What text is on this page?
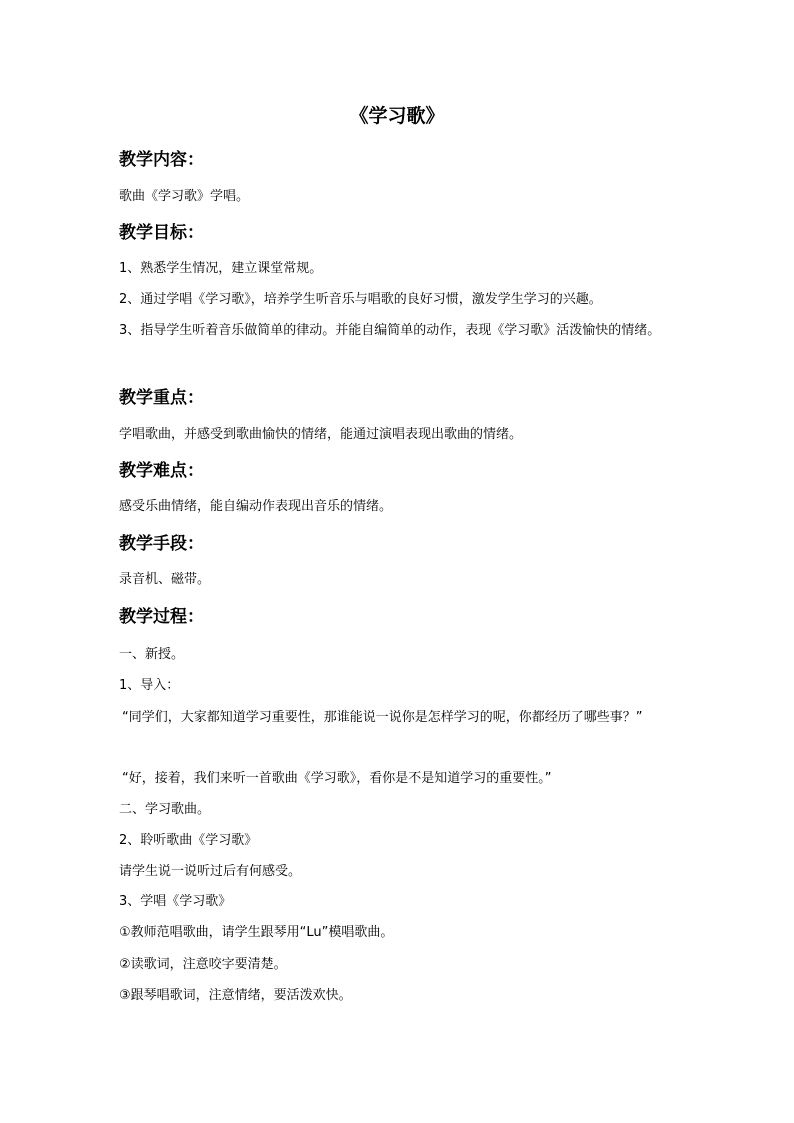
《学习歌》
教学内容：
歌曲《学习歌》学唱。
教学目标：
1、熟悉学生情况，建立课堂常规。
2、通过学唱《学习歌》，培养学生听音乐与唱歌的良好习惯，激发学生学习的兴趣。
3、指导学生听着音乐做简单的律动。并能自编简单的动作，表现《学习歌》活泼愉快的情绪。
教学重点：
学唱歌曲，并感受到歌曲愉快的情绪，能通过演唱表现出歌曲的情绪。
教学难点：
感受乐曲情绪，能自编动作表现出音乐的情绪。
教学手段：
录音机、磁带。
教学过程：
一、新授。
1、导入：
“同学们，大家都知道学习重要性，那谁能说一说你是怎样学习的呢，你都经历了哪些事？”
“好，接着，我们来听一首歌曲《学习歌》，看你是不是知道学习的重要性。”
二、学习歌曲。
2、聆听歌曲《学习歌》
请学生说一说听过后有何感受。
3、学唱《学习歌》
①教师范唱歌曲，请学生跟琴用“Lu”模唱歌曲。
②读歌词，注意咬字要清楚。
③跟琴唱歌词，注意情绪，要活泼欢快。
